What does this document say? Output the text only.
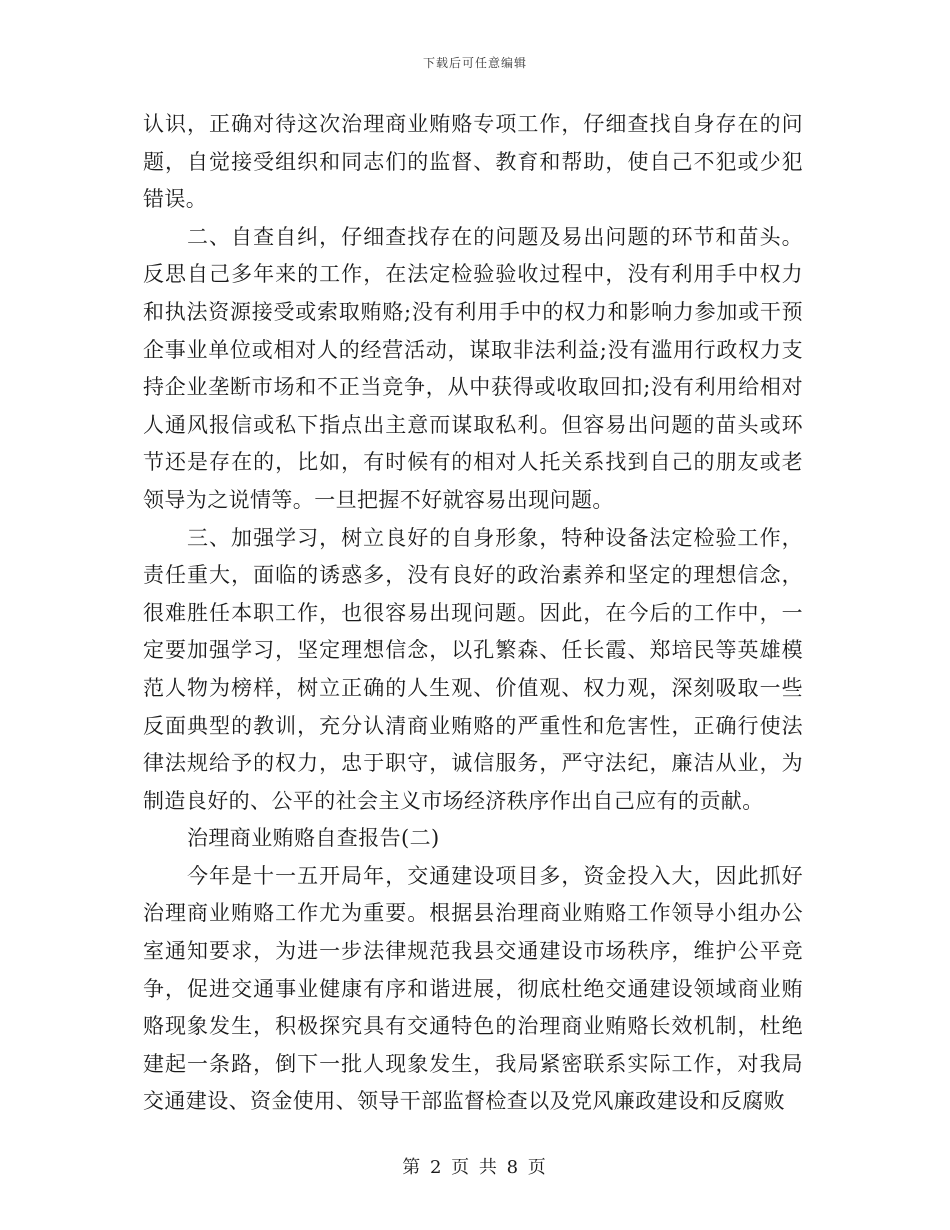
下载后可任意编辑

认识，正确对待这次治理商业贿赂专项工作，仔细查找自身存在的问题，自觉接受组织和同志们的监督、教育和帮助，使自己不犯或少犯错误。

二、自查自纠，仔细查找存在的问题及易出问题的环节和苗头。反思自己多年来的工作，在法定检验验收过程中，没有利用手中权力和执法资源接受或索取贿赂;没有利用手中的权力和影响力参加或干预企事业单位或相对人的经营活动，谋取非法利益;没有滥用行政权力支持企业垄断市场和不正当竞争，从中获得或收取回扣;没有利用给相对人通风报信或私下指点出主意而谋取私利。但容易出问题的苗头或环节还是存在的，比如，有时候有的相对人托关系找到自己的朋友或老领导为之说情等。一旦把握不好就容易出现问题。

三、加强学习，树立良好的自身形象，特种设备法定检验工作，责任重大，面临的诱惑多，没有良好的政治素养和坚定的理想信念，很难胜任本职工作，也很容易出现问题。因此，在今后的工作中，一定要加强学习，坚定理想信念，以孔繁森、任长霞、郑培民等英雄模范人物为榜样，树立正确的人生观、价值观、权力观，深刻吸取一些反面典型的教训，充分认清商业贿赂的严重性和危害性，正确行使法律法规给予的权力，忠于职守，诚信服务，严守法纪，廉洁从业，为制造良好的、公平的社会主义市场经济秩序作出自己应有的贡献。

治理商业贿赂自查报告(二)

今年是十一五开局年，交通建设项目多，资金投入大，因此抓好治理商业贿赂工作尤为重要。根据县治理商业贿赂工作领导小组办公室通知要求，为进一步法律规范我县交通建设市场秩序，维护公平竞争，促进交通事业健康有序和谐进展，彻底杜绝交通建设领域商业贿赂现象发生，积极探究具有交通特色的治理商业贿赂长效机制，杜绝建起一条路，倒下一批人现象发生，我局紧密联系实际工作，对我局交通建设、资金使用、领导干部监督检查以及党风廉政建设和反腐败

第 2 页 共 8 页
